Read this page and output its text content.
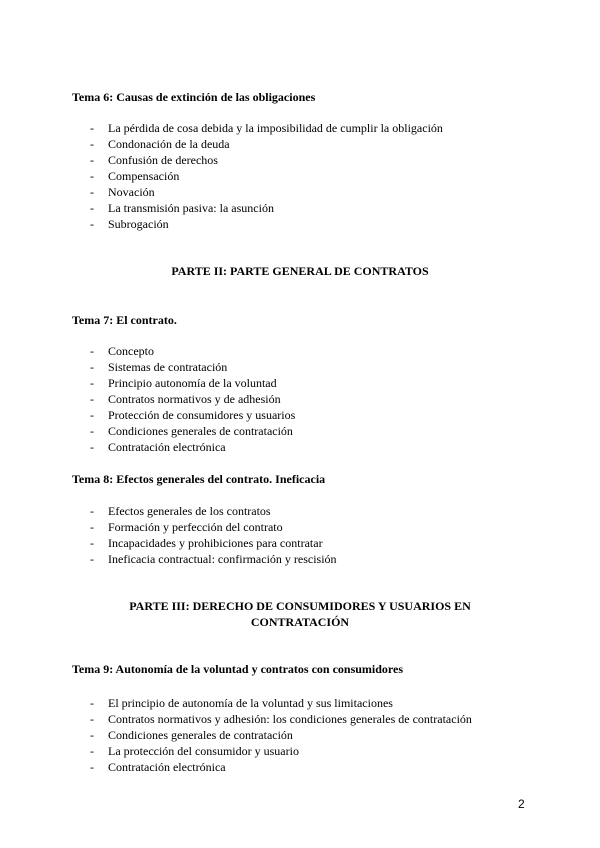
Tema 6: Causas de extinción de las obligaciones
- La pérdida de cosa debida y la imposibilidad de cumplir la obligación
- Condonación de la deuda
- Confusión de derechos
- Compensación
- Novación
- La transmisión pasiva: la asunción
- Subrogación
PARTE II: PARTE GENERAL DE CONTRATOS
Tema 7: El contrato.
- Concepto
- Sistemas de contratación
- Principio autonomía de la voluntad
- Contratos normativos y de adhesión
- Protección de consumidores y usuarios
- Condiciones generales de contratación
- Contratación electrónica
Tema 8: Efectos generales del contrato. Ineficacia
- Efectos generales de los contratos
- Formación y perfección del contrato
- Incapacidades y prohibiciones para contratar
- Ineficacia contractual: confirmación y rescisión
PARTE III: DERECHO DE CONSUMIDORES Y USUARIOS EN
CONTRATACIÓN
Tema 9: Autonomía de la voluntad y contratos con consumidores
- El principio de autonomía de la voluntad y sus limitaciones
- Contratos normativos y adhesión: los condiciones generales de contratación
- Condiciones generales de contratación
- La protección del consumidor y usuario
- Contratación electrónica
2
